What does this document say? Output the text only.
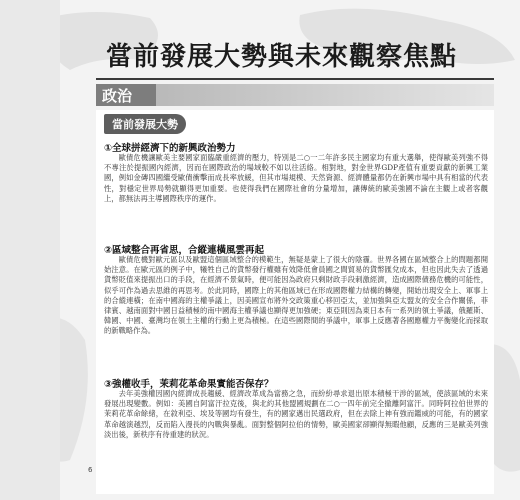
當前發展大勢與未來觀察焦點
政治
當前發展大勢
①全球拼經濟下的新興政治勢力
歐債危機讓歐美主要國家面臨嚴重經濟的壓力，特別是二○一二年許多民主國家均有重大選舉，使得歐美列強不得不專注於提振國內經濟，因而在國際政治的場域較不如以往活絡。相對地，對金世界GDP產值有重要貢獻的新興工業國，例如金磚四國繼受歐債衝擊而成長率放緩，但其市場規模、天然資源、經濟體量都仍在新興市場中具有相當的代表性，對穩定世界局勢就顯得更加重要。也使得我們在國際社會的分量增加，讓傳統的歐美強國不論在主觀上或者客觀上，都無法再主導國際秩序的運作。
②區域整合再省思，合縱連橫風雲再起
歐債危機對歐元區以及歐盟這個區域整合的模範生，無疑是蒙上了很大的陰霾。世界各國在區域整合上的問題都開始注意。在歐元區的例子中，犧牲自己的貨幣發行權雖有效降低會員國之間貿易的貨幣匯兌成本，但也因此失去了透過貨幣貶值來提振出口的手段，在經濟不景氣時，便可能因為政府只剩財政手段刺激經濟，造成國際債務危機的可能性，似乎可作為過去思維的再思考。於此同時，國際上的其他區域已在形成國際權力結構的轉變，開始出現安全上、軍事上的合縱連橫；在南中國海的主權爭議上，因美國宣布將外交政策重心移回亞太，並加強與亞太盟友的安全合作關係，菲律賓、越南面對中國日益積極的南中國海主權爭議也顯得更加強硬；東亞則因為東日本有一系列的領土爭議，俄羅斯、韓國、中國、臺灣均在領土主權的行動上更為積極。在這些國際間的爭議中，軍事上反應著各國應權力平衡變化而採取的新戰略作為。
③強權收手，茉莉花革命果實能否保存？
去年美強權因國內經濟成長趨緩、經濟改革成為當務之急，而紛紛尋求退出原本積極干涉的區域，使該區域的未來發展出現變數。例如：美國自阿富汗拉克後，與北約其他盟國規劃在二○一四年前完全撤離阿富汗。同時阿拉伯世界的茉莉花革命餘緒，在敘利亞、埃及等國均有發生，有的國家邁出民選政府，但在去除上神有強而鑑威的可能，有的國家革命越演越烈，反而陷入漫長的內戰與暴亂。面對整個阿拉伯的情勢，歐美國家卻顯得無暇他顧，反應的三是歐美列強淡出後，新秩序有待重建的狀況。
6
